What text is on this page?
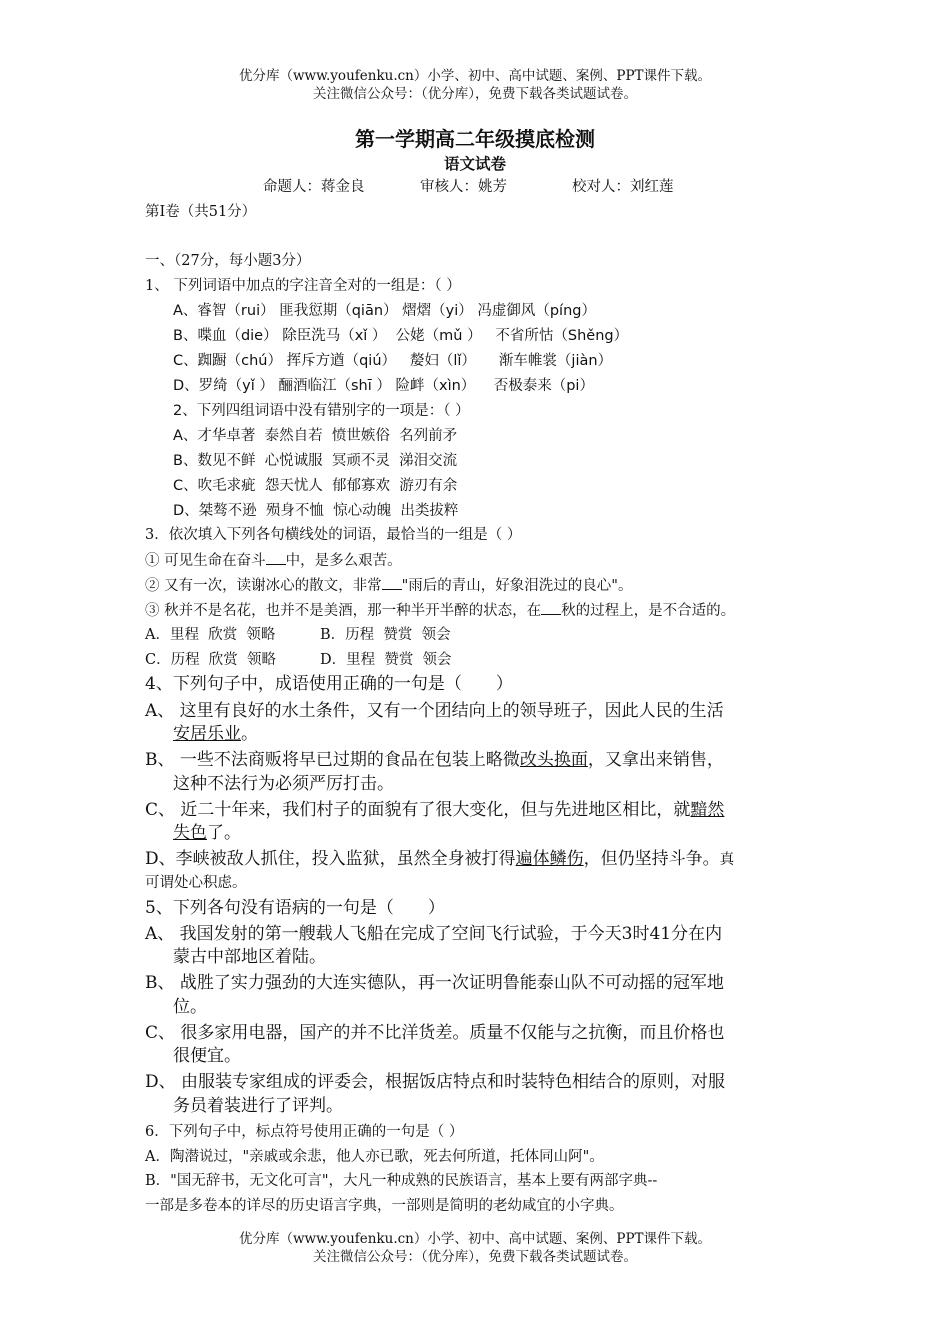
优分库（www.youfenku.cn）小学、初中、高中试题、案例、PPT课件下载。
关注微信公众号：（优分库），免费下载各类试题试卷。
第一学期高二年级摸底检测
语文试卷
命题人：蒋金良	审核人：姚芳	校对人：刘红莲
第Ⅰ卷（共51分）
一、（27分，每小题3分）
1、 下列词语中加点的字注音全对的一组是：（ ）
A、睿智（rui） 匪我愆期（qiān） 熠熠（yi） 冯虚御风（píng）
B、喋血（die） 除臣洗马（xǐ ）  公姥（mǔ ）   不省所怙（Shěng）
C、踟蹰（chú） 挥斥方遒（qiú）   嫠妇（lǐ）     渐车帷裳（jiàn）
D、罗绮（yǐ ） 酾酒临江（shī ） 险衅（xìn）    否极泰来（pi）
2、下列四组词语中没有错别字的一项是：（ ）
A、才华卓著  泰然自若  愤世嫉俗  名列前矛
B、数见不鲜  心悦诚服  冥顽不灵  涕泪交流
C、吹毛求疵  怨天忧人  郁郁寡欢  游刃有余
D、桀骜不逊  殒身不恤  惊心动魄  出类拔粹
3．依次填入下列各句横线处的词语，最恰当的一组是（ ）
① 可见生命在奋斗 中，是多么艰苦。
② 又有一次，读谢冰心的散文，非常 "雨后的青山，好象泪洗过的良心"。
③ 秋并不是名花，也并不是美酒，那一种半开半醉的状态，在 秋的过程上，是不合适的。
A．里程  欣赏  领略	B．历程  赞赏  领会
C．历程  欣赏  领略	D．里程  赞赏  领会
4、下列句子中，成语使用正确的一句是（　　）
A、 这里有良好的水土条件，又有一个团结向上的领导班子，因此人民的生活
安居乐业。
B、 一些不法商贩将早已过期的食品在包装上略微改头换面，又拿出来销售，
这种不法行为必须严厉打击。
C、 近二十年来，我们村子的面貌有了很大变化，但与先进地区相比，就黯然
失色了。
D、李峡被敌人抓住，投入监狱，虽然全身被打得遍体鳞伤，但仍坚持斗争。真
可谓处心积虑。
5、下列各句没有语病的一句是（　　）
A、 我国发射的第一艘载人飞船在完成了空间飞行试验，于今天3时41分在内
蒙古中部地区着陆。
B、 战胜了实力强劲的大连实德队，再一次证明鲁能泰山队不可动摇的冠军地
位。
C、 很多家用电器，国产的并不比洋货差。质量不仅能与之抗衡，而且价格也
很便宜。
D、 由服装专家组成的评委会，根据饭店特点和时装特色相结合的原则，对服
务员着装进行了评判。
6．下列句子中，标点符号使用正确的一句是（ ）
A．陶潜说过，"亲戚或余悲，他人亦已歌，死去何所道，托体同山阿"。
B．"国无辞书，无文化可言"，大凡一种成熟的民族语言，基本上要有两部字典--
一部是多卷本的详尽的历史语言字典，一部则是简明的老幼咸宜的小字典。
优分库（www.youfenku.cn）小学、初中、高中试题、案例、PPT课件下载。
关注微信公众号：（优分库），免费下载各类试题试卷。
